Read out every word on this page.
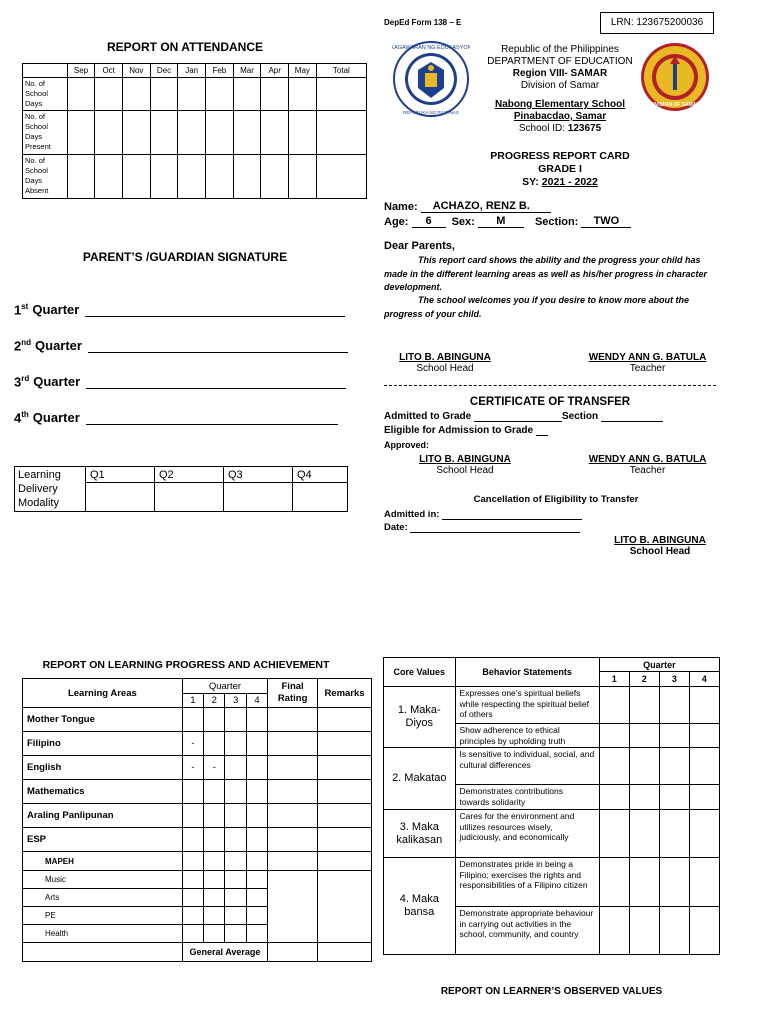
REPORT ON ATTENDANCE
	Sep	Oct	Nov	Dec	Jan	Feb	Mar	Apr	May	Total
No. of School Days										
No. of School Days Present										
No. of School Days Absent										
PARENT’S /GUARDIAN SIGNATURE
1st Quarter
2nd Quarter
3rd Quarter
4th Quarter
Learning Delivery Modality	Q1	Q2	Q3	Q4

DepEd Form 138 – E	LRN: 123675200036
KAGAWARAN NG EDUKASYON
REPUBLIKA NG PILIPINAS
Republic of the Philippines
DEPARTMENT OF EDUCATION
Region VIII- SAMAR
Division of Samar
Nabong Elementary School
Pinabacdao, Samar
School ID: 123675
DIVISION OF SAMAR
PROGRESS REPORT CARD
GRADE I
SY: 2021 - 2022
Name: ACHAZO, RENZ B.
Age: 6 Sex: M	Section: TWO
Dear Parents,
This report card shows the ability and the progress your child has made in the different learning areas as well as his/her progress in character development.
The school welcomes you if you desire to know more about the progress of your child.
LITO B. ABINGUNA
School Head
WENDY ANN G. BATULA
Teacher
CERTIFICATE OF TRANSFER
Admitted to Grade	Section
Eligible for Admission to Grade
Approved:
LITO B. ABINGUNA
School Head
WENDY ANN G. BATULA
Teacher
Cancellation of Eligibility to Transfer
Admitted in:
Date:
LITO B. ABINGUNA
School Head
REPORT ON LEARNING PROGRESS AND ACHIEVEMENT
Learning Areas	Quarter				Final Rating	Remarks
	1	2	3	4		
Mother Tongue						
Filipino	-					
English	-	-				
Mathematics						
Araling Panlipunan						
ESP						
MAPEH						
Music						
Arts						
PE						
Health						
	General Average					
Core Values	Behavior Statements	Quarter			
		1	2	3	4
1. Maka-Diyos	Expresses one’s spiritual beliefs while respecting the spiritual belief of others				
	Show adherence to ethical principles by upholding truth				
2. Makatao	Is sensitive to individual, social, and cultural differences				
	Demonstrates contributions towards solidarity				
3. Maka kalikasan	Cares for the environment and utilizes resources wisely, judiciously, and economically				
4. Maka bansa	Demonstrates pride in being a Filipino; exercises the rights and responsibilities of a Filipino citizen				
	Demonstrate appropriate behaviour in carrying out activities in the school, community, and country				
REPORT ON LEARNER’S OBSERVED VALUES
